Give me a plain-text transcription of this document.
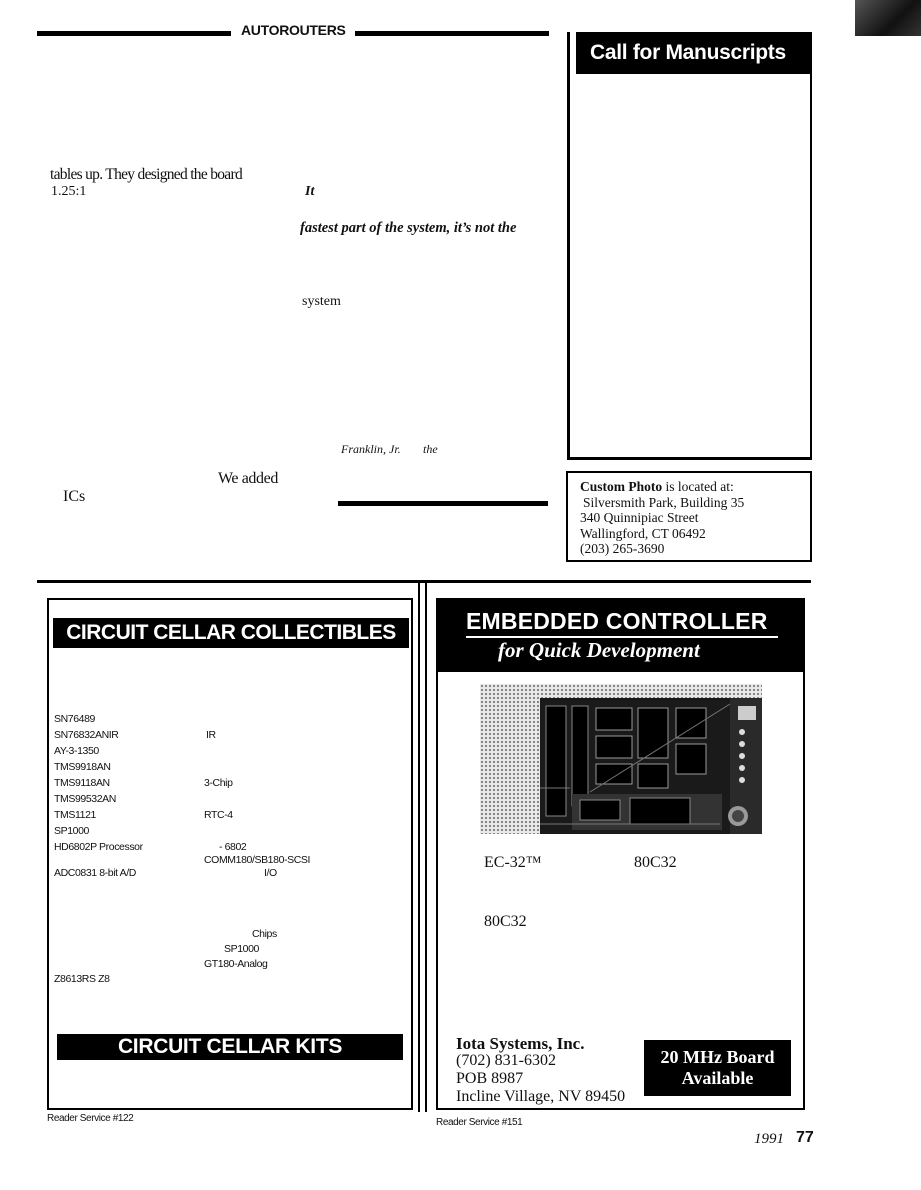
AUTOROUTERS
tables up. They designed the board
1.25:1	It
fastest part of the system, it’s not the
system
Franklin, Jr. the
We added
ICs
Call for Manuscripts
Custom Photo is located at:
Silversmith Park, Building 35
340 Quinnipiac Street
Wallingford, CT 06492
(203) 265-3690
CIRCUIT CELLAR COLLECTIBLES
SN76489
SN76832ANIR
AY-3-1350
TMS9918AN
TMS9118AN
TMS99532AN
TMS1121
SP1000
HD6802P Processor
ADC0831 8-bit A/D
Z8613RS Z8
IR
3-Chip
RTC-4
- 6802
COMM180/SB180-SCSI
I/O
Chips
SP1000
GT180-Analog
CIRCUIT CELLAR KITS
Reader Service #122
EMBEDDED CONTROLLER
for Quick Development
EC-32™	80C32
80C32
Iota Systems, Inc.
(702) 831-6302
POB 8987
Incline Village, NV 89450
20 MHz Board
Available
Reader Service #151
1991 77
